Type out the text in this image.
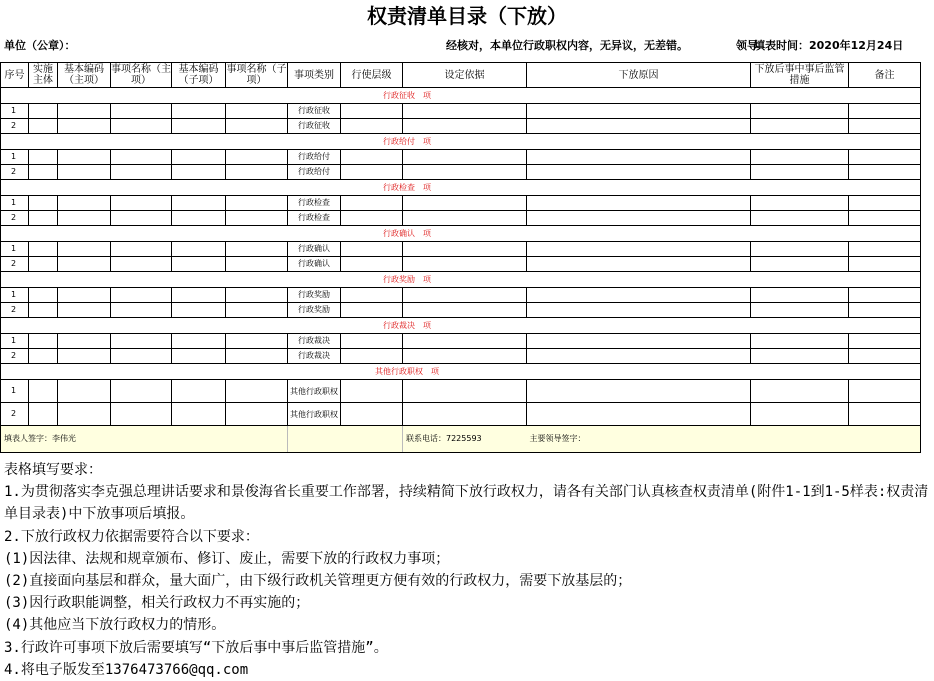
权责清单目录（下放）
单位（公章）：	经核对，本单位行政职权内容，无异议，无差错。	领导
填表时间：2020年12月24日
序号	实施主体	基本编码（主项）	事项名称（主项）	基本编码（子项）	事项名称（子项）	事项类别	行使层级	设定依据	下放原因	下放后事中事后监管措施	备注
						行政征收　项					
1						行政征收					
2						行政征收					
						行政给付　项					
1						行政给付					
2						行政给付					
						行政检查　项					
1						行政检查					
2						行政检查					
						行政确认　项					
1						行政确认					
2						行政确认					
						行政奖励　项					
1						行政奖励					
2						行政奖励					
						行政裁决　项					
1						行政裁决					
2						行政裁决					
						其他行政职权　项					
1						其他行政职权					
2						其他行政职权					
填表人签字：李伟光								联系电话：7225593	主要领导签字：		
表格填写要求：
1.为贯彻落实李克强总理讲话要求和景俊海省长重要工作部署，持续精简下放行政权力，请各有关部门认真核查权责清单(附件1-1到1-5样表:权责清单目录表)中下放事项后填报。
2.下放行政权力依据需要符合以下要求：
(1)因法律、法规和规章颁布、修订、废止，需要下放的行政权力事项；
(2)直接面向基层和群众，量大面广，由下级行政机关管理更方便有效的行政权力，需要下放基层的；
(3)因行政职能调整，相关行政权力不再实施的；
(4)其他应当下放行政权力的情形。
3.行政许可事项下放后需要填写“下放后事中事后监管措施”。
4.将电子版发至1376473766@qq.com
